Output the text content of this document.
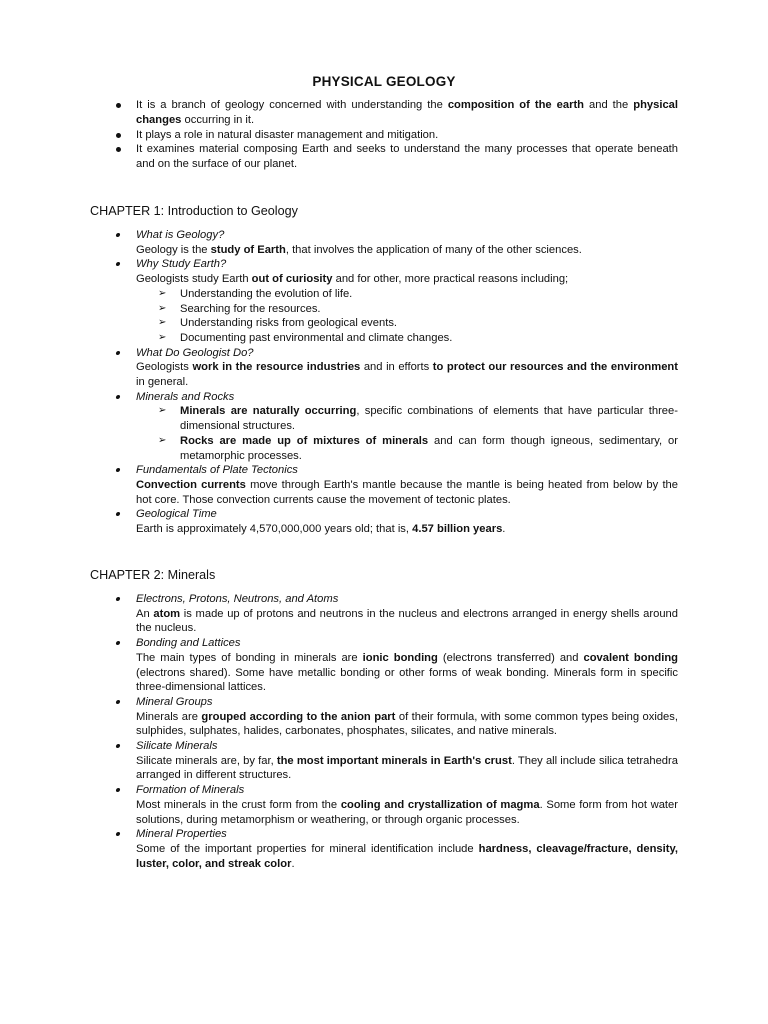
PHYSICAL GEOLOGY
It is a branch of geology concerned with understanding the composition of the earth and the physical changes occurring in it.
It plays a role in natural disaster management and mitigation.
It examines material composing Earth and seeks to understand the many processes that operate beneath and on the surface of our planet.
CHAPTER 1: Introduction to Geology
What is Geology?
Geology is the study of Earth, that involves the application of many of the other sciences.
Why Study Earth?
Geologists study Earth out of curiosity and for other, more practical reasons including;
➢	Understanding the evolution of life.
➢	Searching for the resources.
➢	Understanding risks from geological events.
➢	Documenting past environmental and climate changes.
What Do Geologist Do?
Geologists work in the resource industries and in efforts to protect our resources and the environment in general.
Minerals and Rocks
➢	Minerals are naturally occurring, specific combinations of elements that have particular three-dimensional structures.
➢	Rocks are made up of mixtures of minerals and can form though igneous, sedimentary, or metamorphic processes.
Fundamentals of Plate Tectonics
Convection currents move through Earth's mantle because the mantle is being heated from below by the hot core. Those convection currents cause the movement of tectonic plates.
Geological Time
Earth is approximately 4,570,000,000 years old; that is, 4.57 billion years.
CHAPTER 2: Minerals
Electrons, Protons, Neutrons, and Atoms
An atom is made up of protons and neutrons in the nucleus and electrons arranged in energy shells around the nucleus.
Bonding and Lattices
The main types of bonding in minerals are ionic bonding (electrons transferred) and covalent bonding (electrons shared). Some have metallic bonding or other forms of weak bonding. Minerals form in specific three-dimensional lattices.
Mineral Groups
Minerals are grouped according to the anion part of their formula, with some common types being oxides, sulphides, sulphates, halides, carbonates, phosphates, silicates, and native minerals.
Silicate Minerals
Silicate minerals are, by far, the most important minerals in Earth's crust. They all include silica tetrahedra arranged in different structures.
Formation of Minerals
Most minerals in the crust form from the cooling and crystallization of magma. Some form from hot water solutions, during metamorphism or weathering, or through organic processes.
Mineral Properties
Some of the important properties for mineral identification include hardness, cleavage/fracture, density, luster, color, and streak color.
